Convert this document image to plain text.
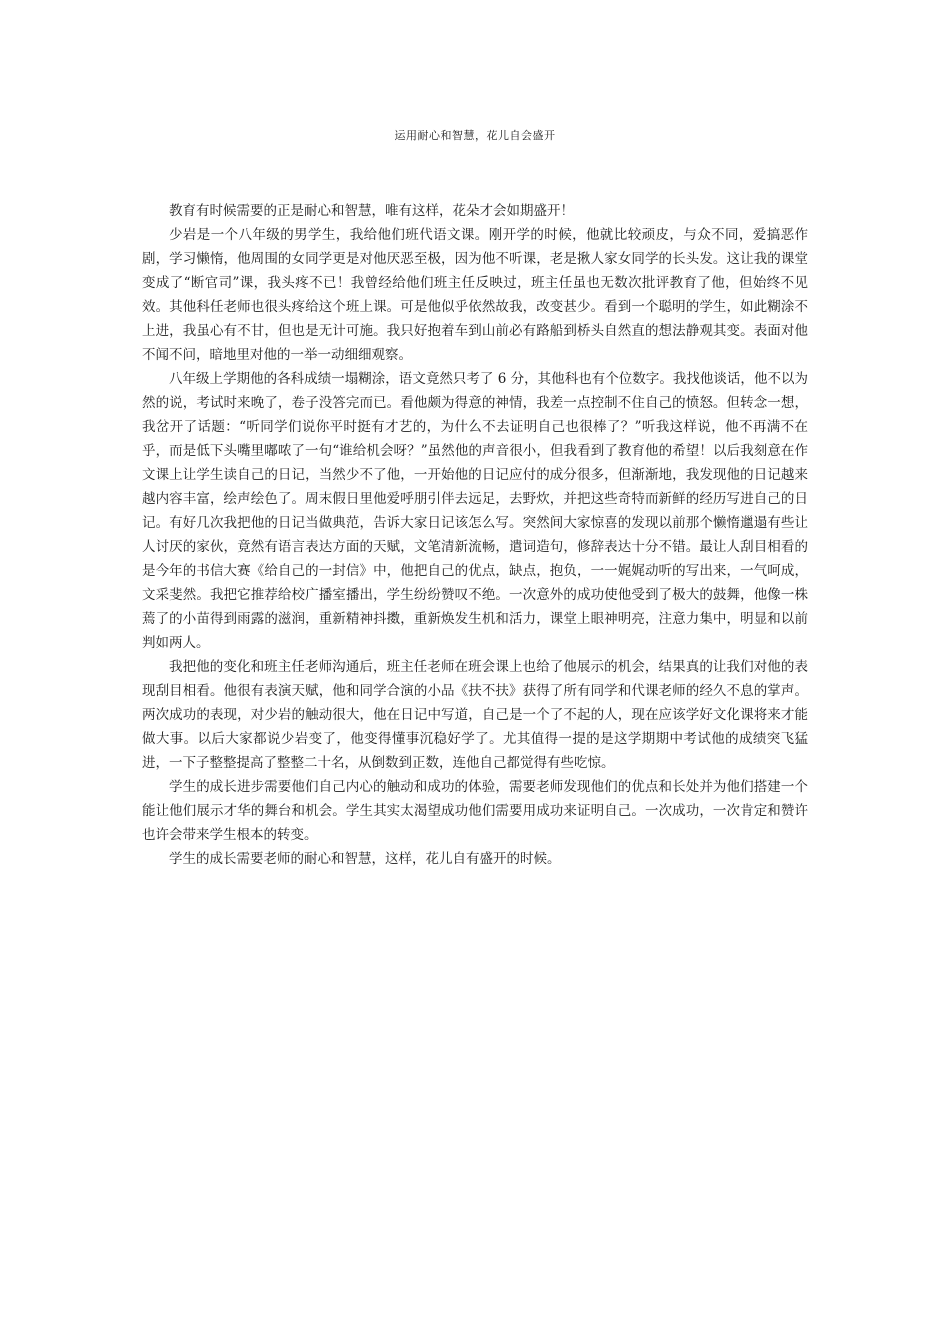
运用耐心和智慧，花儿自会盛开

教育有时候需要的正是耐心和智慧，唯有这样，花朵才会如期盛开！

少岩是一个八年级的男学生，我给他们班代语文课。刚开学的时候，他就比较顽皮，与众不同，爱搞恶作剧，学习懒惰，他周围的女同学更是对他厌恶至极，因为他不听课，老是揪人家女同学的长头发。这让我的课堂变成了“断官司”课，我头疼不已！我曾经给他们班主任反映过，班主任虽也无数次批评教育了他，但始终不见效。其他科任老师也很头疼给这个班上课。可是他似乎依然故我，改变甚少。看到一个聪明的学生，如此糊涂不上进，我虽心有不甘，但也是无计可施。我只好抱着车到山前必有路船到桥头自然直的想法静观其变。表面对他不闻不问，暗地里对他的一举一动细细观察。

八年级上学期他的各科成绩一塌糊涂，语文竟然只考了 6 分，其他科也有个位数字。我找他谈话，他不以为然的说，考试时来晚了，卷子没答完而已。看他颇为得意的神情，我差一点控制不住自己的愤怒。但转念一想，我岔开了话题：“听同学们说你平时挺有才艺的，为什么不去证明自己也很棒了？”听我这样说，他不再满不在乎，而是低下头嘴里嘟哝了一句“谁给机会呀？”虽然他的声音很小，但我看到了教育他的希望！以后我刻意在作文课上让学生读自己的日记，当然少不了他，一开始他的日记应付的成分很多，但渐渐地，我发现他的日记越来越内容丰富，绘声绘色了。周末假日里他爱呼朋引伴去远足，去野炊，并把这些奇特而新鲜的经历写进自己的日记。有好几次我把他的日记当做典范，告诉大家日记该怎么写。突然间大家惊喜的发现以前那个懒惰邋遢有些让人讨厌的家伙，竟然有语言表达方面的天赋，文笔清新流畅，遣词造句，修辞表达十分不错。最让人刮目相看的是今年的书信大赛《给自己的一封信》中，他把自己的优点，缺点，抱负，一一娓娓动听的写出来，一气呵成，文采斐然。我把它推荐给校广播室播出，学生纷纷赞叹不绝。一次意外的成功使他受到了极大的鼓舞，他像一株蔫了的小苗得到雨露的滋润，重新精神抖擞，重新焕发生机和活力，课堂上眼神明亮，注意力集中，明显和以前判如两人。

我把他的变化和班主任老师沟通后，班主任老师在班会课上也给了他展示的机会，结果真的让我们对他的表现刮目相看。他很有表演天赋，他和同学合演的小品《扶不扶》获得了所有同学和代课老师的经久不息的掌声。两次成功的表现，对少岩的触动很大，他在日记中写道，自己是一个了不起的人，现在应该学好文化课将来才能做大事。以后大家都说少岩变了，他变得懂事沉稳好学了。尤其值得一提的是这学期期中考试他的成绩突飞猛进，一下子整整提高了整整二十名，从倒数到正数，连他自己都觉得有些吃惊。

学生的成长进步需要他们自己内心的触动和成功的体验，需要老师发现他们的优点和长处并为他们搭建一个能让他们展示才华的舞台和机会。学生其实太渴望成功他们需要用成功来证明自己。一次成功，一次肯定和赞许也许会带来学生根本的转变。

学生的成长需要老师的耐心和智慧，这样，花儿自有盛开的时候。
